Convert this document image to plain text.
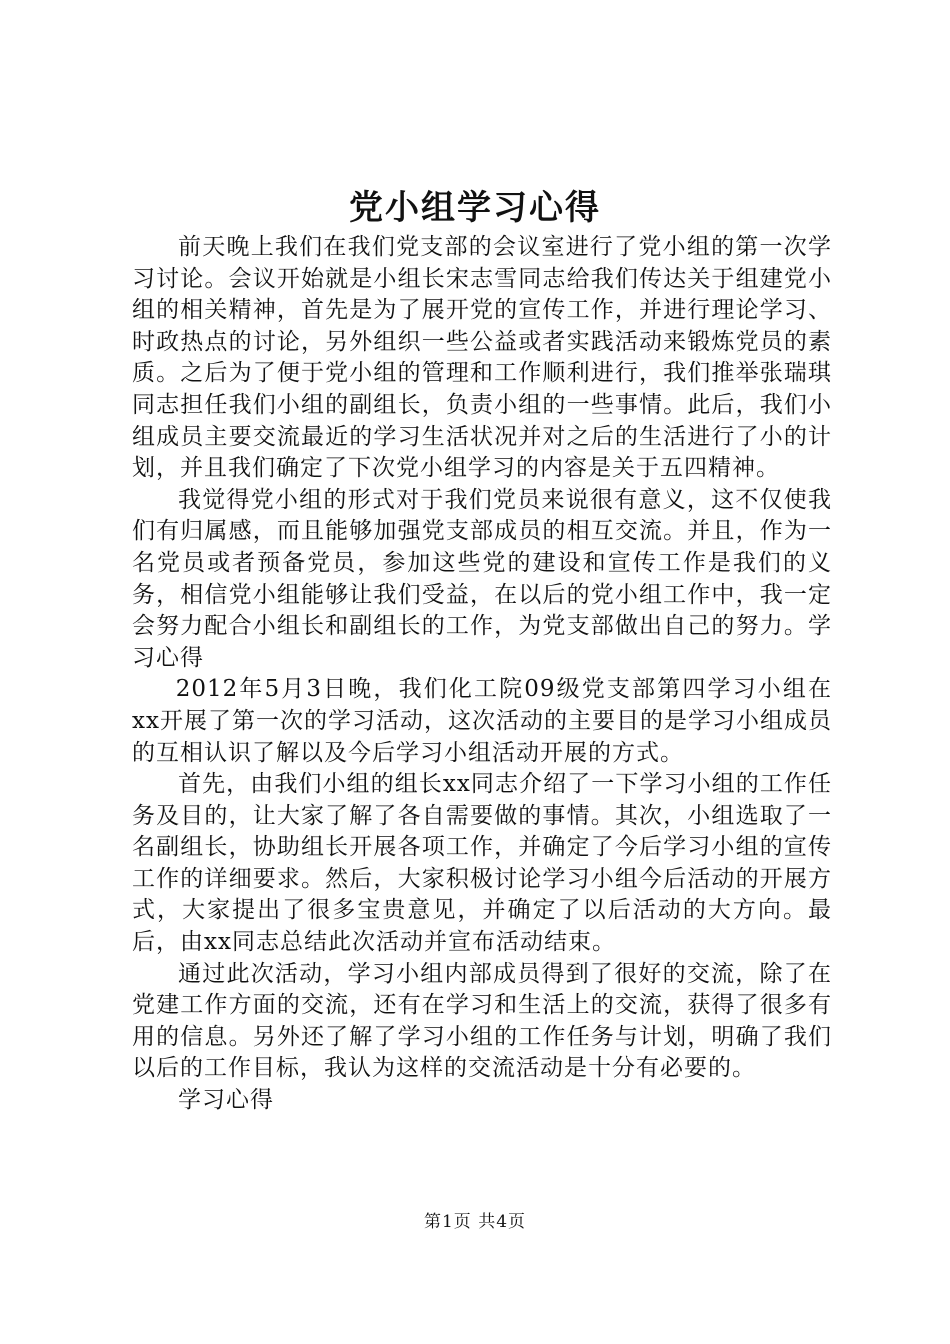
党小组学习心得

前天晚上我们在我们党支部的会议室进行了党小组的第一次学习讨论。会议开始就是小组长宋志雪同志给我们传达关于组建党小组的相关精神，首先是为了展开党的宣传工作，并进行理论学习、时政热点的讨论，另外组织一些公益或者实践活动来锻炼党员的素质。之后为了便于党小组的管理和工作顺利进行，我们推举张瑞琪同志担任我们小组的副组长，负责小组的一些事情。此后，我们小组成员主要交流最近的学习生活状况并对之后的生活进行了小的计划，并且我们确定了下次党小组学习的内容是关于五四精神。

我觉得党小组的形式对于我们党员来说很有意义，这不仅使我们有归属感，而且能够加强党支部成员的相互交流。并且，作为一名党员或者预备党员，参加这些党的建设和宣传工作是我们的义务，相信党小组能够让我们受益，在以后的党小组工作中，我一定会努力配合小组长和副组长的工作，为党支部做出自己的努力。学习心得

2012年5月3日晚，我们化工院09级党支部第四学习小组在xx开展了第一次的学习活动，这次活动的主要目的是学习小组成员的互相认识了解以及今后学习小组活动开展的方式。

首先，由我们小组的组长xx同志介绍了一下学习小组的工作任务及目的，让大家了解了各自需要做的事情。其次，小组选取了一名副组长，协助组长开展各项工作，并确定了今后学习小组的宣传工作的详细要求。然后，大家积极讨论学习小组今后活动的开展方式，大家提出了很多宝贵意见，并确定了以后活动的大方向。最后，由xx同志总结此次活动并宣布活动结束。

通过此次活动，学习小组内部成员得到了很好的交流，除了在党建工作方面的交流，还有在学习和生活上的交流，获得了很多有用的信息。另外还了解了学习小组的工作任务与计划，明确了我们以后的工作目标，我认为这样的交流活动是十分有必要的。

学习心得

第1页 共4页
